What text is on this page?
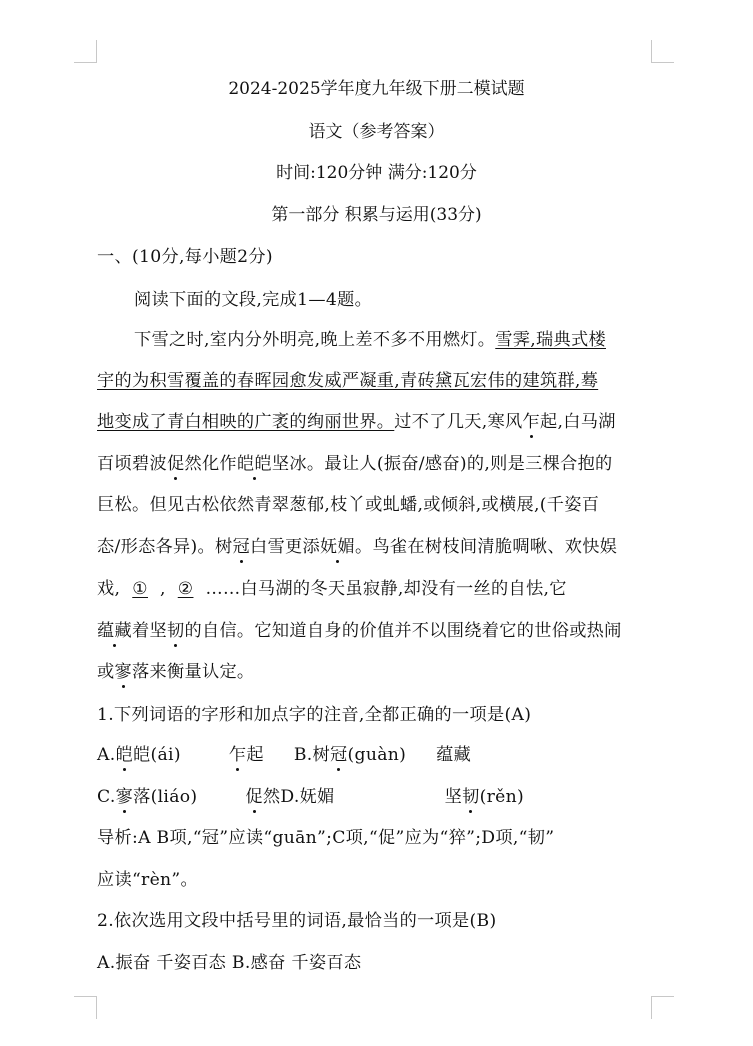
2024-2025学年度九年级下册二模试题
语文（参考答案）
时间:120分钟 满分:120分
第一部分 积累与运用(33分)
一、(10分,每小题2分)
阅读下面的文段,完成1—4题。
下雪之时,室内分外明亮,晚上差不多不用燃灯。雪霁,瑞典式楼
宇的为积雪覆盖的春晖园愈发威严凝重,青砖黛瓦宏伟的建筑群,蓦
地变成了青白相映的广袤的绚丽世界。过不了几天,寒风乍起,白马湖
百顷碧波促然化作皑皑坚冰。最让人(振奋/感奋)的,则是三棵合抱的
巨松。但见古松依然青翠葱郁,枝丫或虬蟠,或倾斜,或横展,(千姿百
态/形态各异)。树冠白雪更添妩媚。鸟雀在树枝间清脆啁啾、欢快娱
戏, ① , ② ……白马湖的冬天虽寂静,却没有一丝的自怯,它
蕴藏着坚韧的自信。它知道自身的价值并不以围绕着它的世俗或热闹
或寥落来衡量认定。
1.下列词语的字形和加点字的注音,全都正确的一项是(A)
A.皑皑(ái)	乍起 B.树冠(guàn) 蕴藏
C.寥落(liáo)	促然D.妩媚	坚韧(rěn)
导析:A B项,“冠”应读“guān”;C项,“促”应为“猝”;D项,“韧”
应读“rèn”。
2.依次选用文段中括号里的词语,最恰当的一项是(B)
A.振奋 千姿百态 B.感奋 千姿百态
